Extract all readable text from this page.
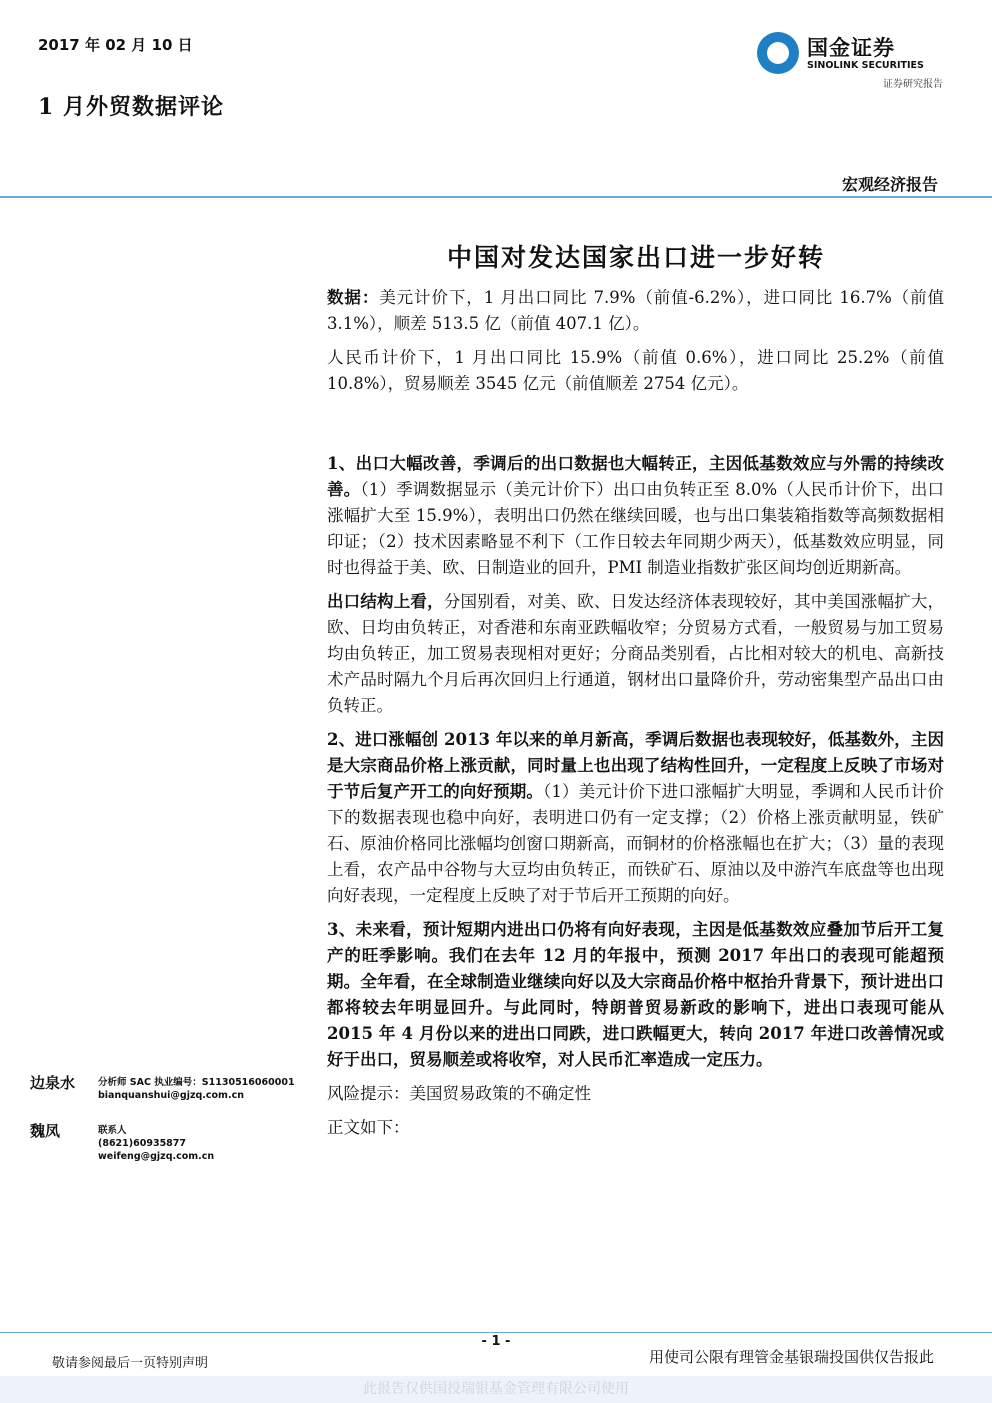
2017 年 02 月 10 日
1 月外贸数据评论
国金证券
SINOLINK SECURITIES
证券研究报告
宏观经济报告
中国对发达国家出口进一步好转

数据：美元计价下，1 月出口同比 7.9%（前值-6.2%），进口同比 16.7%（前值 3.1%），顺差 513.5 亿（前值 407.1 亿）。

人民币计价下，1 月出口同比 15.9%（前值 0.6%），进口同比 25.2%（前值 10.8%），贸易顺差 3545 亿元（前值顺差 2754 亿元）。

1、出口大幅改善，季调后的出口数据也大幅转正，主因低基数效应与外需的持续改善。（1）季调数据显示（美元计价下）出口由负转正至 8.0%（人民币计价下，出口涨幅扩大至 15.9%），表明出口仍然在继续回暖，也与出口集装箱指数等高频数据相印证；（2）技术因素略显不利下（工作日较去年同期少两天），低基数效应明显，同时也得益于美、欧、日制造业的回升，PMI 制造业指数扩张区间均创近期新高。

出口结构上看，分国别看，对美、欧、日发达经济体表现较好，其中美国涨幅扩大，欧、日均由负转正，对香港和东南亚跌幅收窄；分贸易方式看，一般贸易与加工贸易均由负转正，加工贸易表现相对更好；分商品类别看，占比相对较大的机电、高新技术产品时隔九个月后再次回归上行通道，钢材出口量降价升，劳动密集型产品出口由负转正。

2、进口涨幅创 2013 年以来的单月新高，季调后数据也表现较好，低基数外，主因是大宗商品价格上涨贡献，同时量上也出现了结构性回升，一定程度上反映了市场对于节后复产开工的向好预期。（1）美元计价下进口涨幅扩大明显，季调和人民币计价下的数据表现也稳中向好，表明进口仍有一定支撑；（2）价格上涨贡献明显，铁矿石、原油价格同比涨幅均创窗口期新高，而铜材的价格涨幅也在扩大；（3）量的表现上看，农产品中谷物与大豆均由负转正，而铁矿石、原油以及中游汽车底盘等也出现向好表现，一定程度上反映了对于节后开工预期的向好。

3、未来看，预计短期内进出口仍将有向好表现，主因是低基数效应叠加节后开工复产的旺季影响。我们在去年 12 月的年报中，预测 2017 年出口的表现可能超预期。全年看，在全球制造业继续向好以及大宗商品价格中枢抬升背景下，预计进出口都将较去年明显回升。与此同时，特朗普贸易新政的影响下，进出口表现可能从 2015 年 4 月份以来的进出口同跌，进口跌幅更大，转向 2017 年进口改善情况或好于出口，贸易顺差或将收窄，对人民币汇率造成一定压力。

风险提示：美国贸易政策的不确定性

正文如下：

边泉水 分析师 SAC 执业编号：S1130516060001
bianquanshui@gjzq.com.cn
魏凤	联系人
(8621)60935877
weifeng@gjzq.com.cn
- 1 -
敬请参阅最后一页特别声明	用使司公限有理管金基银瑞投国供仅告报此
此报告仅供国投瑞银基金管理有限公司使用
